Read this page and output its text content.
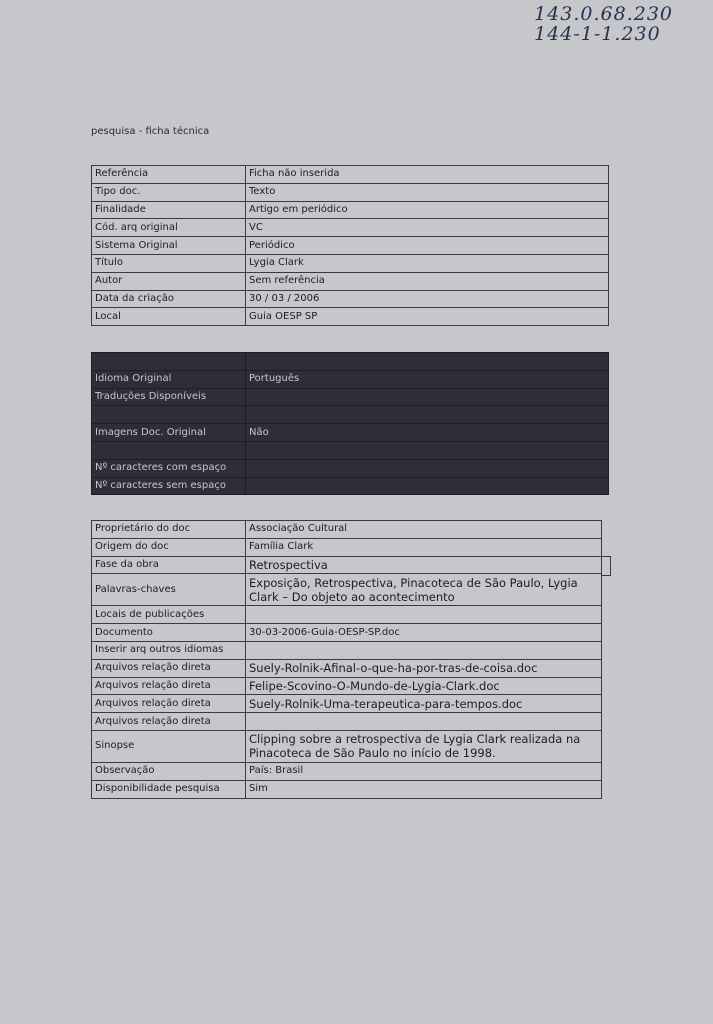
143.0.68.230
144-1-1.230
pesquisa - ficha técnica
Referência	Ficha não inserida
Tipo doc.	Texto
Finalidade	Artigo em periódico
Cód. arq original	VC
Sistema Original	Periódico
Título	Lygia Clark
Autor	Sem referência
Data da criação	30 / 03 / 2006
Local	Guia OESP SP

Idioma Original	Português
Traduções Disponíveis	

Imagens Doc. Original	Não

Nº caracteres com espaço	
Nº caracteres sem espaço	
Proprietário do doc	Associação Cultural
Origem do doc	Família Clark
Fase da obra	Retrospectiva
Palavras-chaves	Exposição, Retrospectiva, Pinacoteca de São Paulo, Lygia Clark – Do objeto ao acontecimento
Locais de publicações	
Documento	30-03-2006-Guia-OESP-SP.doc
Inserir arq outros idiomas	
Arquivos relação direta	Suely-Rolnik-Afinal-o-que-ha-por-tras-de-coisa.doc
Arquivos relação direta	Felipe-Scovino-O-Mundo-de-Lygia-Clark.doc
Arquivos relação direta	Suely-Rolnik-Uma-terapeutica-para-tempos.doc
Arquivos relação direta	
Sinopse	Clipping sobre a retrospectiva de Lygia Clark realizada na Pinacoteca de São Paulo no início de 1998.
Observação	País: Brasil
Disponibilidade pesquisa	Sim
